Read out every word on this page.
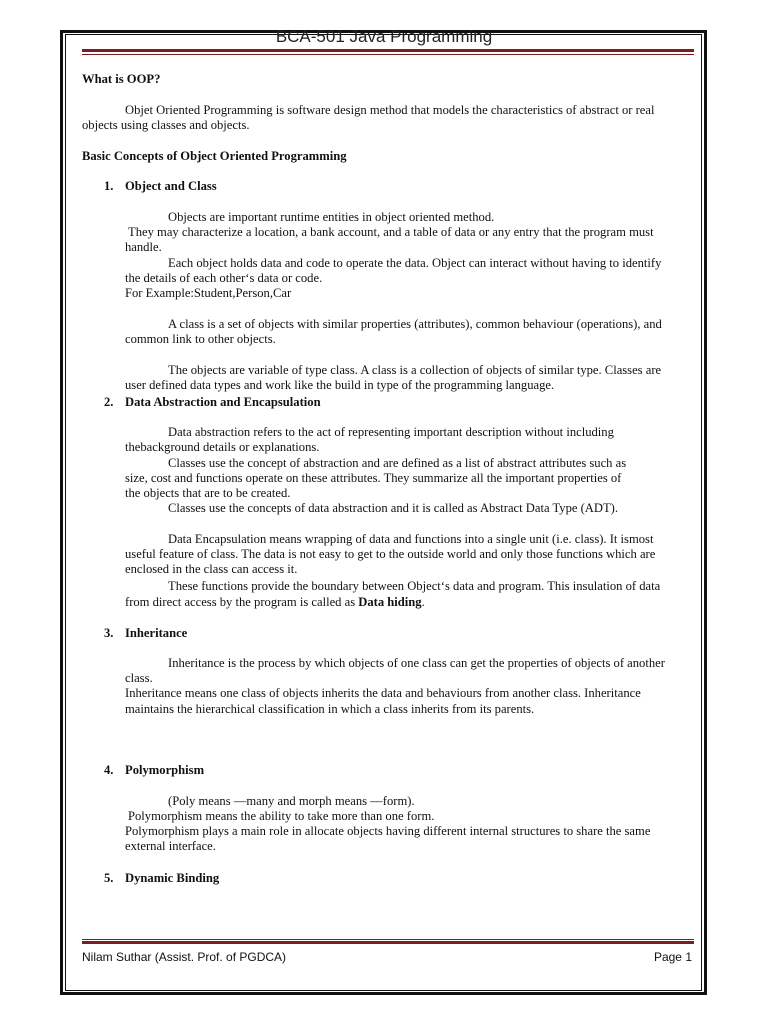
BCA-501 Java Programming
What is OOP?
Objet Oriented Programming is software design method that models the characteristics of abstract or real
objects using classes and objects.
Basic Concepts of Object Oriented Programming
1. Object and Class
Objects are important runtime entities in object oriented method.
They may characterize a location, a bank account, and a table of data or any entry that the program must
handle.
Each object holds data and code to operate the data. Object can interact without having to identify
the details of each other‘s data or code.
For Example:Student,Person,Car
A class is a set of objects with similar properties (attributes), common behaviour (operations), and
common link to other objects.
The objects are variable of type class. A class is a collection of objects of similar type. Classes are
user defined data types and work like the build in type of the programming language.
2. Data Abstraction and Encapsulation
Data abstraction refers to the act of representing important description without including
thebackground details or explanations.
Classes use the concept of abstraction and are defined as a list of abstract attributes such as
size, cost and functions operate on these attributes. They summarize all the important properties of
the objects that are to be created.
Classes use the concepts of data abstraction and it is called as Abstract Data Type (ADT).
Data Encapsulation means wrapping of data and functions into a single unit (i.e. class). It ismost
useful feature of class. The data is not easy to get to the outside world and only those functions which are
enclosed in the class can access it.
These functions provide the boundary between Object‘s data and program. This insulation of data
from direct access by the program is called as Data hiding.
3. Inheritance
Inheritance is the process by which objects of one class can get the properties of objects of another
class.
Inheritance means one class of objects inherits the data and behaviours from another class. Inheritance
maintains the hierarchical classification in which a class inherits from its parents.
4. Polymorphism
(Poly means ―many and morph means ―form).
Polymorphism means the ability to take more than one form.
Polymorphism plays a main role in allocate objects having different internal structures to share the same
external interface.
5. Dynamic Binding
Nilam Suthar (Assist. Prof. of PGDCA)	Page 1
